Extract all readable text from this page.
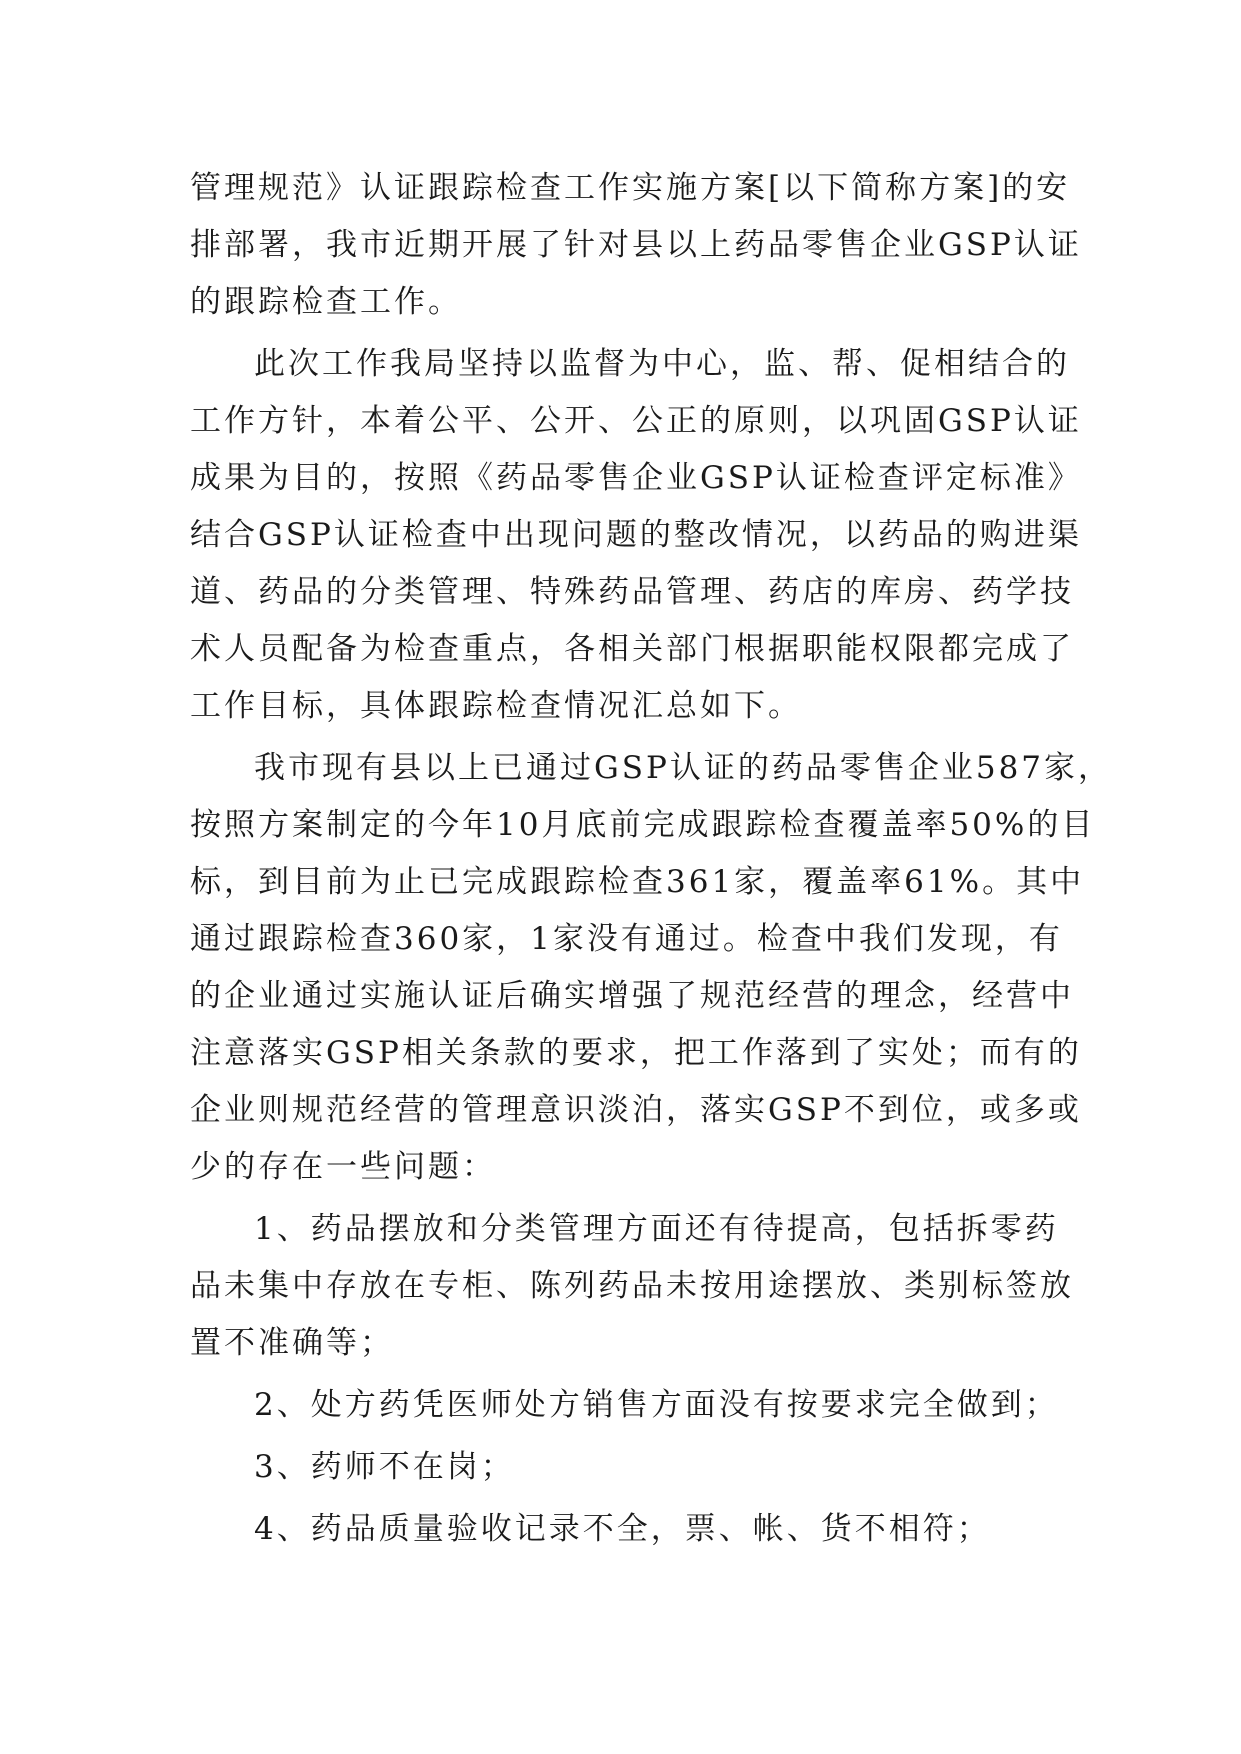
管理规范》认证跟踪检查工作实施方案[以下简称方案]的安
排部署，我市近期开展了针对县以上药品零售企业GSP认证
的跟踪检查工作。
此次工作我局坚持以监督为中心，监、帮、促相结合的
工作方针，本着公平、公开、公正的原则，以巩固GSP认证
成果为目的，按照《药品零售企业GSP认证检查评定标准》
结合GSP认证检查中出现问题的整改情况，以药品的购进渠
道、药品的分类管理、特殊药品管理、药店的库房、药学技
术人员配备为检查重点，各相关部门根据职能权限都完成了
工作目标，具体跟踪检查情况汇总如下。
我市现有县以上已通过GSP认证的药品零售企业587家，
按照方案制定的今年10月底前完成跟踪检查覆盖率50%的目
标，到目前为止已完成跟踪检查361家，覆盖率61%。其中
通过跟踪检查360家，1家没有通过。检查中我们发现，有
的企业通过实施认证后确实增强了规范经营的理念，经营中
注意落实GSP相关条款的要求，把工作落到了实处；而有的
企业则规范经营的管理意识淡泊，落实GSP不到位，或多或
少的存在一些问题：
1、药品摆放和分类管理方面还有待提高，包括拆零药
品未集中存放在专柜、陈列药品未按用途摆放、类别标签放
置不准确等；
2、处方药凭医师处方销售方面没有按要求完全做到；
3、药师不在岗；
4、药品质量验收记录不全，票、帐、货不相符；
